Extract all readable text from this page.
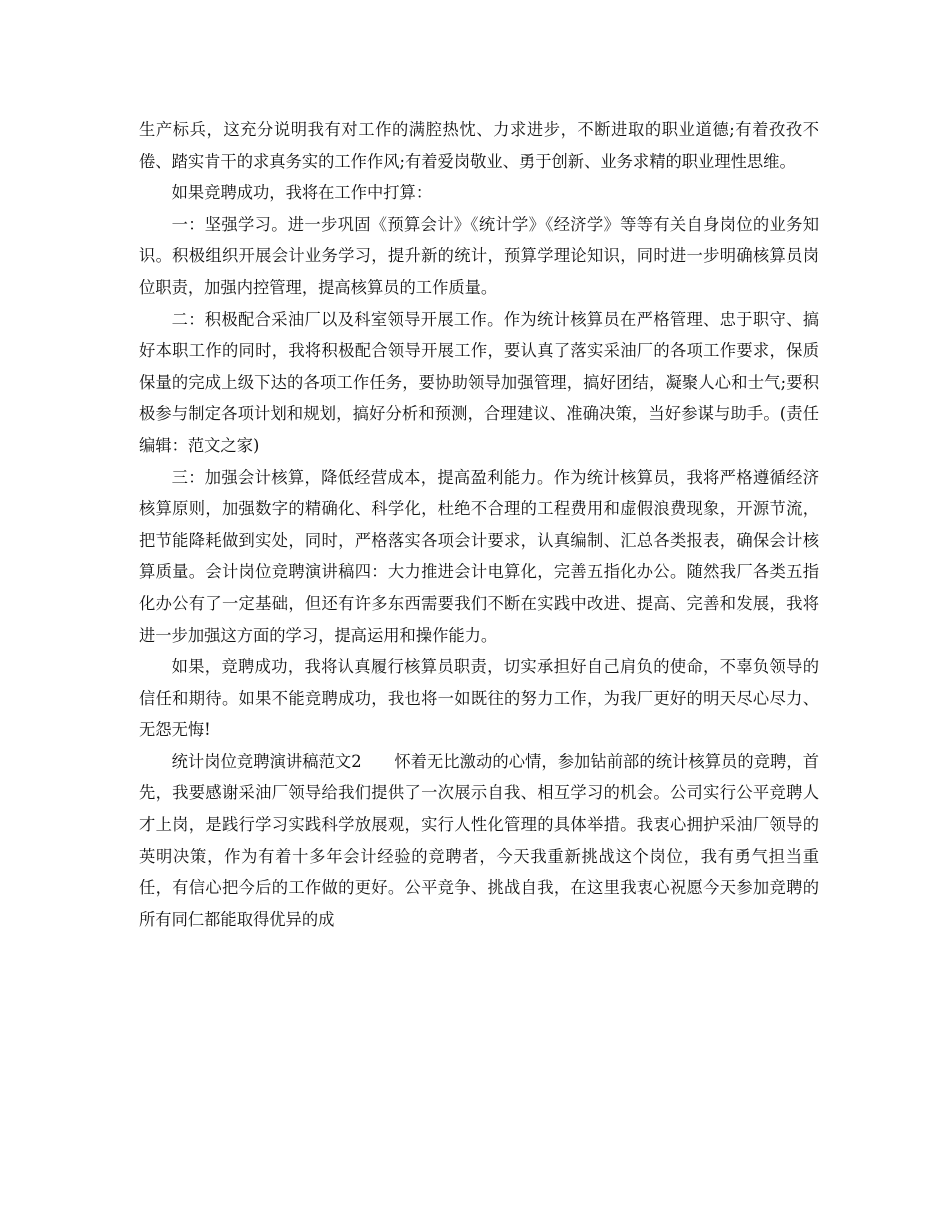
生产标兵，这充分说明我有对工作的满腔热忱、力求进步，不断进取的职业道德;有着孜孜不倦、踏实肯干的求真务实的工作作风;有着爱岗敬业、勇于创新、业务求精的职业理性思维。

如果竞聘成功，我将在工作中打算：

一：坚强学习。进一步巩固《预算会计》《统计学》《经济学》等等有关自身岗位的业务知识。积极组织开展会计业务学习，提升新的统计，预算学理论知识，同时进一步明确核算员岗位职责，加强内控管理，提高核算员的工作质量。

二：积极配合采油厂以及科室领导开展工作。作为统计核算员在严格管理、忠于职守、搞好本职工作的同时，我将积极配合领导开展工作，要认真了落实采油厂的各项工作要求，保质保量的完成上级下达的各项工作任务，要协助领导加强管理，搞好团结，凝聚人心和士气;要积极参与制定各项计划和规划，搞好分析和预测，合理建议、准确决策，当好参谋与助手。(责任编辑：范文之家)

三：加强会计核算，降低经营成本，提高盈利能力。作为统计核算员，我将严格遵循经济核算原则，加强数字的精确化、科学化，杜绝不合理的工程费用和虚假浪费现象，开源节流，把节能降耗做到实处，同时，严格落实各项会计要求，认真编制、汇总各类报表，确保会计核算质量。会计岗位竞聘演讲稿四：大力推进会计电算化，完善五指化办公。随然我厂各类五指化办公有了一定基础，但还有许多东西需要我们不断在实践中改进、提高、完善和发展，我将进一步加强这方面的学习，提高运用和操作能力。

如果，竞聘成功，我将认真履行核算员职责，切实承担好自己肩负的使命，不辜负领导的信任和期待。如果不能竞聘成功，我也将一如既往的努力工作，为我厂更好的明天尽心尽力、无怨无悔!

统计岗位竞聘演讲稿范文2　　怀着无比激动的心情，参加钻前部的统计核算员的竞聘，首先，我要感谢采油厂领导给我们提供了一次展示自我、相互学习的机会。公司实行公平竞聘人才上岗，是践行学习实践科学放展观，实行人性化管理的具体举措。我衷心拥护采油厂领导的英明决策，作为有着十多年会计经验的竞聘者，今天我重新挑战这个岗位，我有勇气担当重任，有信心把今后的工作做的更好。公平竞争、挑战自我，在这里我衷心祝愿今天参加竞聘的所有同仁都能取得优异的成
